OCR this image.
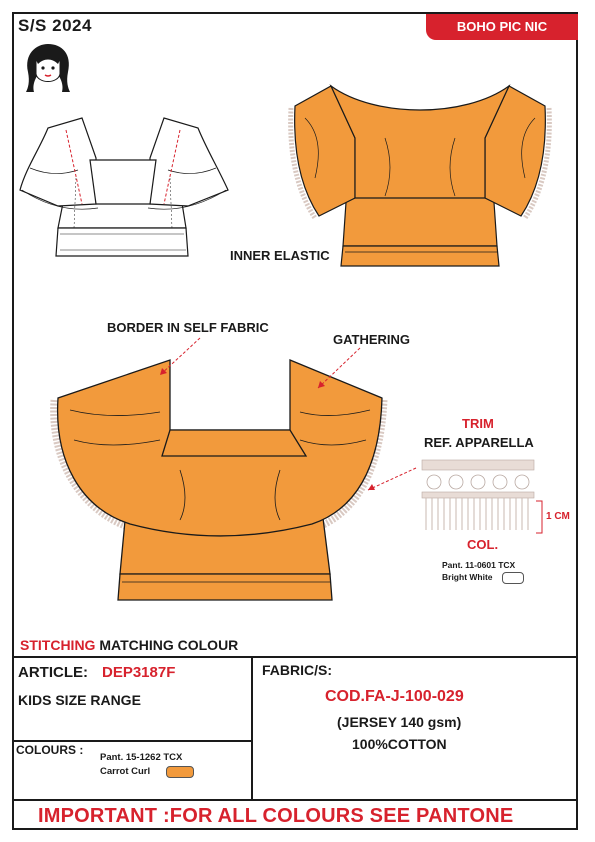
S/S 2024	BOHO PIC NIC
INNER ELASTIC
BORDER IN SELF FABRIC
GATHERING
TRIM
REF. APPARELLA
1 CM
COL.
Pant. 11-0601 TCX
Bright White
STITCHING MATCHING COLOUR
ARTICLE: DEP3187F
KIDS SIZE RANGE
FABRIC/S:
COD.FA-J-100-029
(JERSEY 140 gsm)
100%COTTON
COLOURS :
Pant. 15-1262 TCX
Carrot Curl
IMPORTANT :FOR ALL COLOURS SEE PANTONE
